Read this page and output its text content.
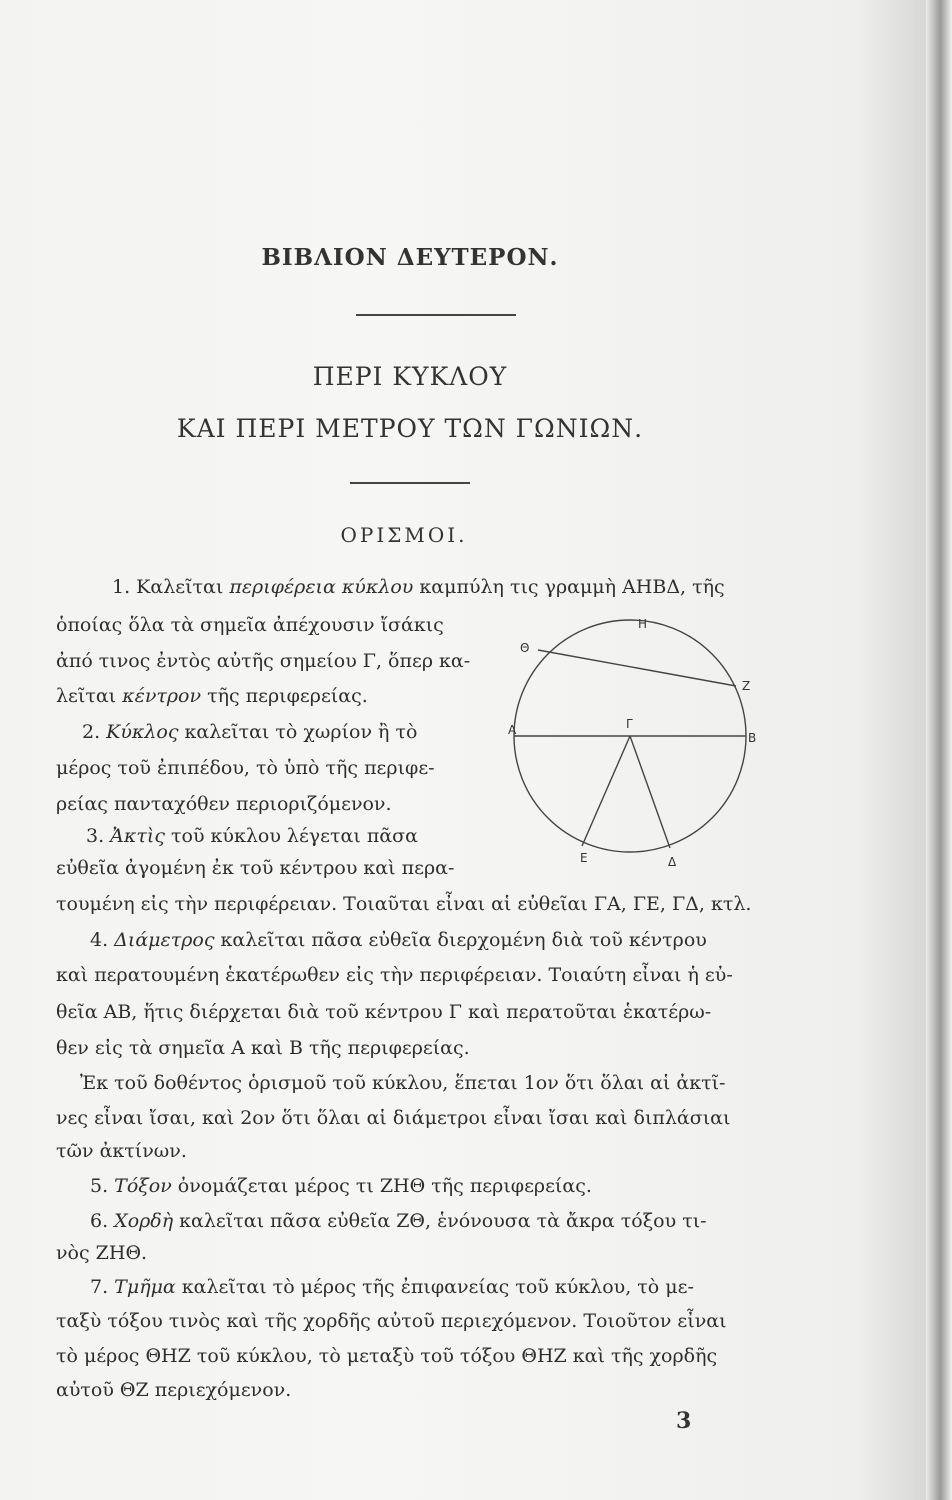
ΒΙΒΛΙΟΝ ΔΕΥΤΕΡΟΝ.
ΠΕΡΙ ΚΥΚΛΟΥ
ΚΑΙ ΠΕΡΙ ΜΕΤΡΟΥ ΤΩΝ ΓΩΝΙΩΝ.
ΟΡΙΣΜΟΙ.
1. Καλεῖται περιφέρεια κύκλου καμπύλη τις γραμμὴ ΑΗΒΔ, τῆς
ὁποίας ὅλα τὰ σημεῖα ἀπέχουσιν ἴσάκις
ἀπό τινος ἐντὸς αὐτῆς σημείου Γ, ὅπερ κα-
λεῖται κέντρον τῆς περιφερείας.
2. Κύκλος καλεῖται τὸ χωρίον ἢ τὸ
μέρος τοῦ ἐπιπέδου, τὸ ὑπὸ τῆς περιφε-
ρείας πανταχόθεν περιοριζόμενον.
3. Ἀκτὶς τοῦ κύκλου λέγεται πᾶσα
εὐθεῖα ἀγομένη ἐκ τοῦ κέντρου καὶ περα-
τουμένη εἰς τὴν περιφέρειαν. Τοιαῦται εἶναι αἱ εὐθεῖαι ΓΑ, ΓΕ, ΓΔ, κτλ.
4. Διάμετρος καλεῖται πᾶσα εὐθεῖα διερχομένη διὰ τοῦ κέντρου
καὶ περατουμένη ἑκατέρωθεν εἰς τὴν περιφέρειαν. Τοιαύτη εἶναι ἡ εὐ-
θεῖα ΑΒ, ἥτις διέρχεται διὰ τοῦ κέντρου Γ καὶ περατοῦται ἑκατέρω-
θεν εἰς τὰ σημεῖα Α καὶ Β τῆς περιφερείας.
Ἐκ τοῦ δοθέντος ὁρισμοῦ τοῦ κύκλου, ἕπεται 1ον ὅτι ὅλαι αἱ ἀκτῖ-
νες εἶναι ἴσαι, καὶ 2ον ὅτι ὅλαι αἱ διάμετροι εἶναι ἴσαι καὶ διπλάσιαι
τῶν ἀκτίνων.
5. Τόξον ὀνομάζεται μέρος τι ΖΗΘ τῆς περιφερείας.
6. Χορδὴ καλεῖται πᾶσα εὐθεῖα ΖΘ, ἑνόνουσα τὰ ἄκρα τόξου τι-
νὸς ΖΗΘ.
7. Τμῆμα καλεῖται τὸ μέρος τῆς ἐπιφανείας τοῦ κύκλου, τὸ με-
ταξὺ τόξου τινὸς καὶ τῆς χορδῆς αὐτοῦ περιεχόμενον. Τοιοῦτον εἶναι
τὸ μέρος ΘΗΖ τοῦ κύκλου, τὸ μεταξὺ τοῦ τόξου ΘΗΖ καὶ τῆς χορδῆς
αὐτοῦ ΘΖ περιεχόμενον.
Η
Θ
Ζ
Α	Γ
Β
Ε	Δ
3
